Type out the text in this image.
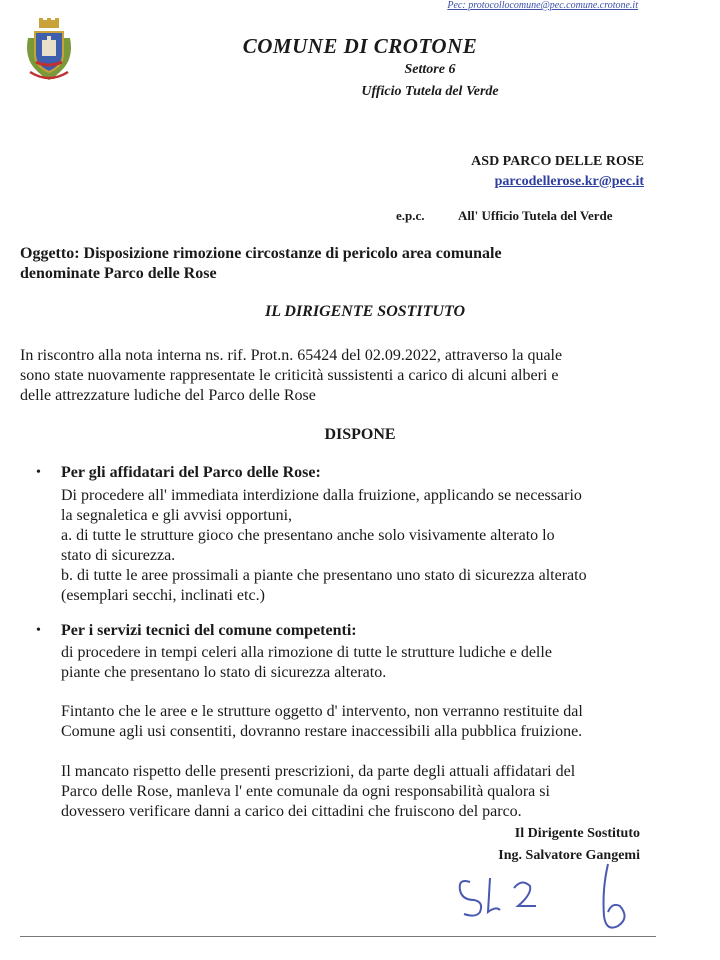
Pec: protocollocomune@pec.comune.crotone.it
COMUNE DI CROTONE
Settore 6
Ufficio Tutela del Verde
ASD PARCO DELLE ROSE
parcodellerose.kr@pec.it
e.p.c.	All' Ufficio Tutela del Verde
Oggetto: Disposizione rimozione circostanze di pericolo area comunale
denominate Parco delle Rose
IL DIRIGENTE SOSTITUTO
In riscontro alla nota interna ns. rif. Prot.n. 65424 del 02.09.2022, attraverso la quale
sono state nuovamente rappresentate le criticità sussistenti a carico di alcuni alberi e
delle attrezzature ludiche del Parco delle Rose
DISPONE
• Per gli affidatari del Parco delle Rose:
Di procedere all' immediata interdizione dalla fruizione, applicando se necessario
la segnaletica e gli avvisi opportuni,
a. di tutte le strutture gioco che presentano anche solo visivamente alterato lo
stato di sicurezza.
b. di tutte le aree prossimali a piante che presentano uno stato di sicurezza alterato
(esemplari secchi, inclinati etc.)
• Per i servizi tecnici del comune competenti:
di procedere in tempi celeri alla rimozione di tutte le strutture ludiche e delle
piante che presentano lo stato di sicurezza alterato.
Fintanto che le aree e le strutture oggetto d' intervento, non verranno restituite dal
Comune agli usi consentiti, dovranno restare inaccessibili alla pubblica fruizione.
Il mancato rispetto delle presenti prescrizioni, da parte degli attuali affidatari del
Parco delle Rose, manleva l' ente comunale da ogni responsabilità qualora si
dovessero verificare danni a carico dei cittadini che fruiscono del parco.
Il Dirigente Sostituto
Ing. Salvatore Gangemi
